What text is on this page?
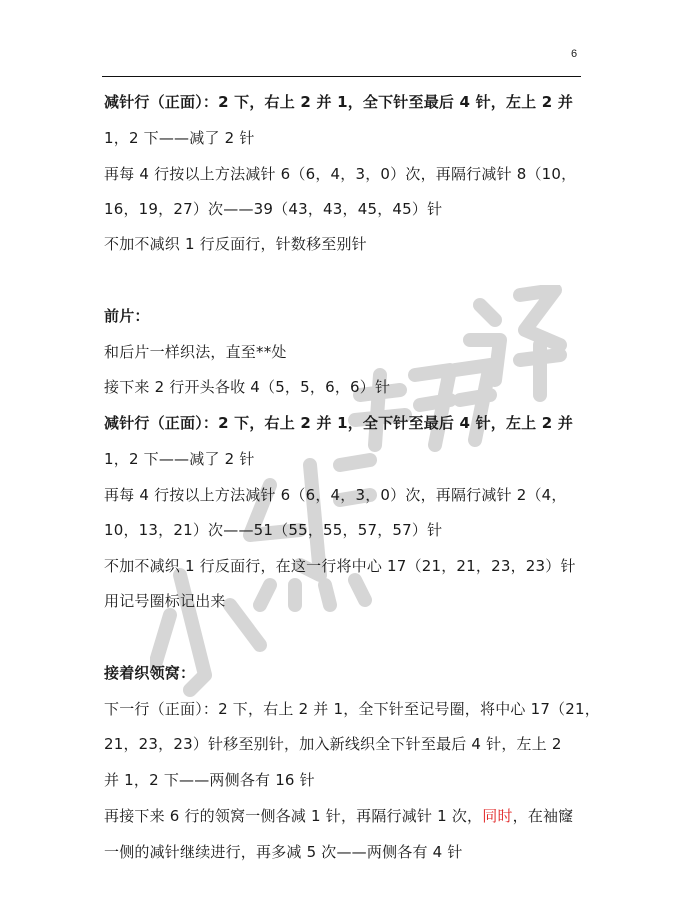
6
减针行（正面）：2 下，右上 2 并 1，全下针至最后 4 针，左上 2 并
1，2 下——减了 2 针
再每 4 行按以上方法减针 6（6，4，3，0）次，再隔行减针 8（10，
16，19，27）次——39（43，43，45，45）针
不加不减织 1 行反面行，针数移至别针
前片：
和后片一样织法，直至**处
接下来 2 行开头各收 4（5，5，6，6）针
减针行（正面）：2 下，右上 2 并 1，全下针至最后 4 针，左上 2 并
1，2 下——减了 2 针
再每 4 行按以上方法减针 6（6，4，3，0）次，再隔行减针 2（4，
10，13，21）次——51（55，55，57，57）针
不加不减织 1 行反面行，在这一行将中心 17（21，21，23，23）针
用记号圈标记出来
接着织领窝：
下一行（正面）：2 下，右上 2 并 1，全下针至记号圈，将中心 17（21，
21，23，23）针移至别针，加入新线织全下针至最后 4 针，左上 2
并 1，2 下——两侧各有 16 针
再接下来 6 行的领窝一侧各减 1 针，再隔行减针 1 次，同时，在袖窿
一侧的减针继续进行，再多减 5 次——两侧各有 4 针
